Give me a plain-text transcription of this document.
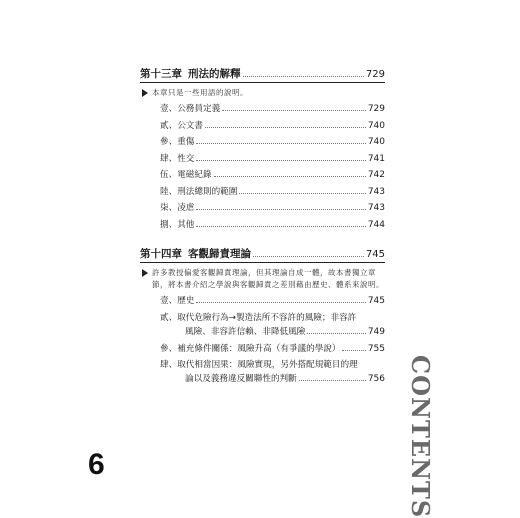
第十三章 刑法的解釋	729
本章只是一些用語的說明。
壹、公務員定義	729
貳、公文書	740
參、重傷	740
肆、性交	741
伍、電磁紀錄	742
陸、刑法總則的範圍	743
柒、凌虐	743
捌、其他	744
第十四章 客觀歸責理論	745
許多教授偏愛客觀歸責理論，但其理論自成一體，故本書獨立章節，將本書介紹之學說與客觀歸責之差別藉由歷史、體系來說明。
壹、歷史	745
貳、取代危險行為→製造法所不容許的風險；非容許
風險、非容許信賴、非降低風險	749
參、補充條件關係：風險升高（有爭議的學說）	755
肆、取代相當因果：風險實現，另外搭配規範目的理
論以及義務違反關聯性的判斷	756 CONTENTS
6
